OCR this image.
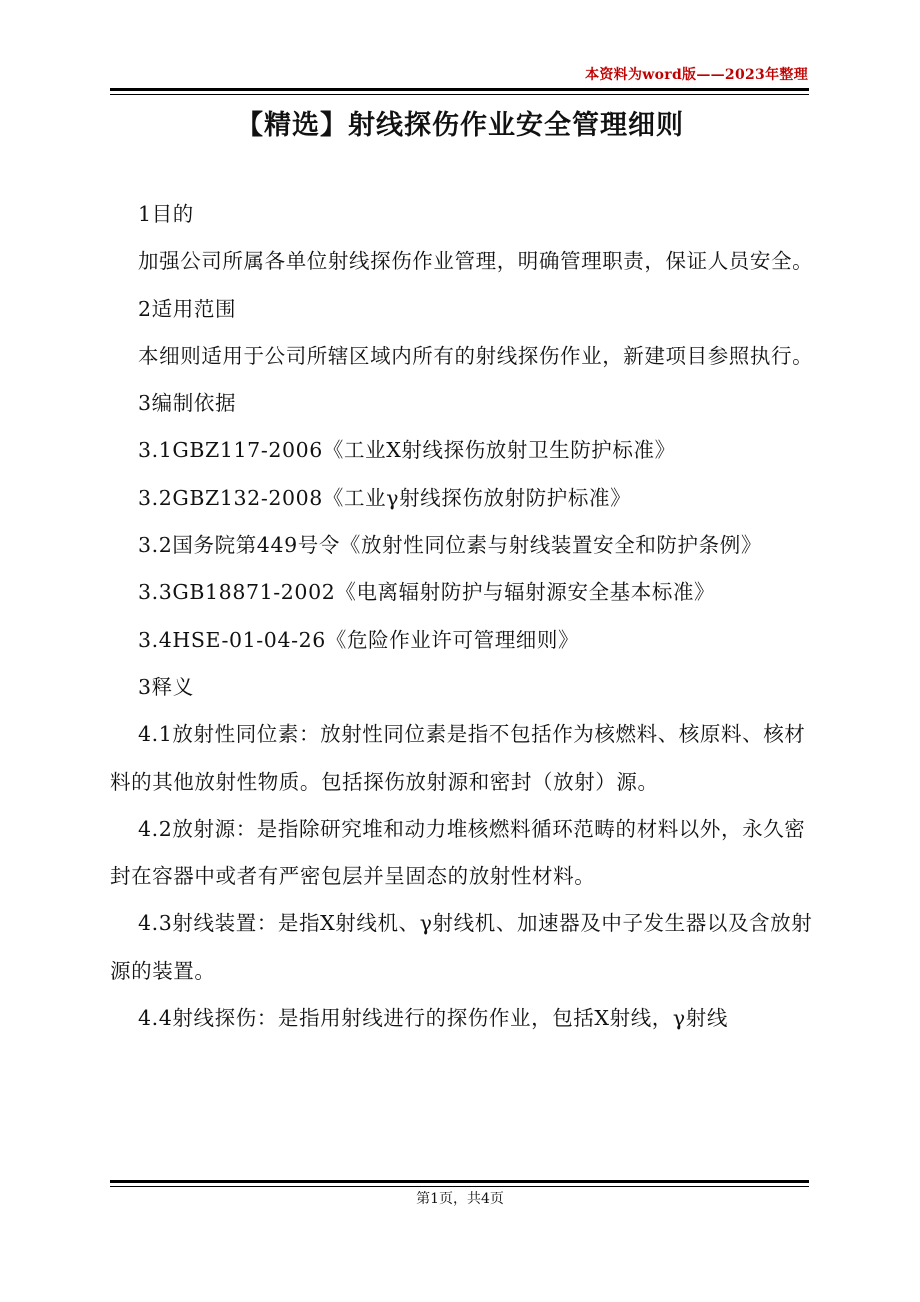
本资料为word版——2023年整理
【精选】射线探伤作业安全管理细则

1目的

加强公司所属各单位射线探伤作业管理，明确管理职责，保证人员安全。

2适用范围

本细则适用于公司所辖区域内所有的射线探伤作业，新建项目参照执行。

3编制依据

3.1GBZ117-2006《工业X射线探伤放射卫生防护标准》

3.2GBZ132-2008《工业γ射线探伤放射防护标准》

3.2国务院第449号令《放射性同位素与射线装置安全和防护条例》

3.3GB18871-2002《电离辐射防护与辐射源安全基本标准》

3.4HSE-01-04-26《危险作业许可管理细则》

3释义

4.1放射性同位素：放射性同位素是指不包括作为核燃料、核原料、核材料的其他放射性物质。包括探伤放射源和密封（放射）源。

4.2放射源：是指除研究堆和动力堆核燃料循环范畴的材料以外，永久密封在容器中或者有严密包层并呈固态的放射性材料。

4.3射线装置：是指X射线机、γ射线机、加速器及中子发生器以及含放射源的装置。

4.4射线探伤：是指用射线进行的探伤作业，包括X射线，γ射线

第1页，共4页
